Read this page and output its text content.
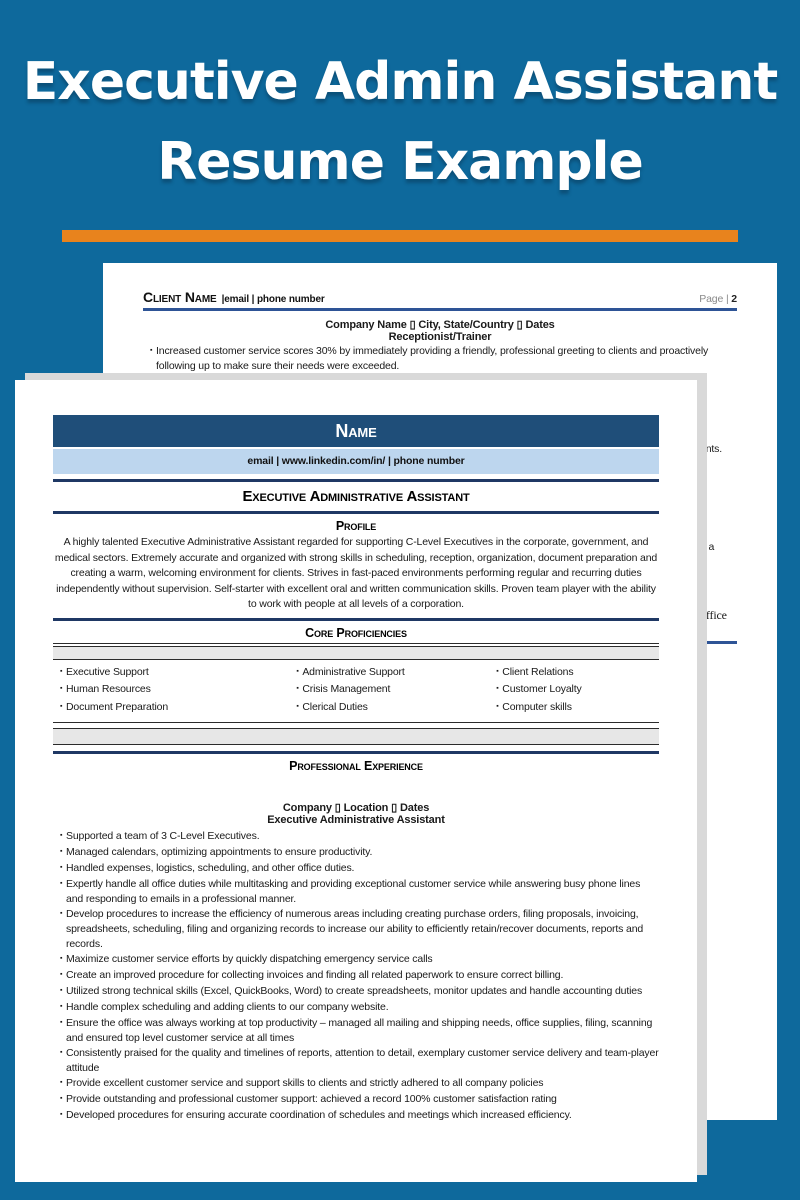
Executive Admin Assistant
Resume Example
Client Name |email | phone number	Page | 2
Company Name ▯ City, State/Country ▯ Dates
Receptionist/Trainer
▪
Increased customer service scores 30% by immediately providing a friendly, professional greeting to clients and proactively following up to make sure their needs were exceeded.
f
ents.
g a
:
office
Name
email | www.linkedin.com/in/ | phone number
Executive Administrative Assistant
Profile
A highly talented Executive Administrative Assistant regarded for supporting C-Level Executives in the corporate, government, and medical sectors. Extremely accurate and organized with strong skills in scheduling, reception, organization, document preparation and creating a warm, welcoming environment for clients. Strives in fast-paced environments performing regular and recurring duties independently without supervision. Self-starter with excellent oral and written communication skills. Proven team player with the ability to work with people at all levels of a corporation.
Core Proficiencies
▪
Executive Support
▪
Human Resources
▪
Document Preparation
▪
Administrative Support
▪
Crisis Management
▪
Clerical Duties
▪
Client Relations
▪
Customer Loyalty
▪
Computer skills
Professional Experience
Company ▯ Location ▯ Dates
Executive Administrative Assistant
▪
Supported a team of 3 C-Level Executives.
▪
Managed calendars, optimizing appointments to ensure productivity.
▪
Handled expenses, logistics, scheduling, and other office duties.
▪
Expertly handle all office duties while multitasking and providing exceptional customer service while answering busy phone lines and responding to emails in a professional manner.
▪
Develop procedures to increase the efficiency of numerous areas including creating purchase orders, filing proposals, invoicing, spreadsheets, scheduling, filing and organizing records to increase our ability to efficiently retain/recover documents, reports and records.
▪
Maximize customer service efforts by quickly dispatching emergency service calls
▪
Create an improved procedure for collecting invoices and finding all related paperwork to ensure correct billing.
▪
Utilized strong technical skills (Excel, QuickBooks, Word) to create spreadsheets, monitor updates and handle accounting duties
▪
Handle complex scheduling and adding clients to our company website.
▪
Ensure the office was always working at top productivity – managed all mailing and shipping needs, office supplies, filing, scanning and ensured top level customer service at all times
▪
Consistently praised for the quality and timelines of reports, attention to detail, exemplary customer service delivery and team-player attitude
▪
Provide excellent customer service and support skills to clients and strictly adhered to all company policies
▪
Provide outstanding and professional customer support: achieved a record 100% customer satisfaction rating
▪
Developed procedures for ensuring accurate coordination of schedules and meetings which increased efficiency.
